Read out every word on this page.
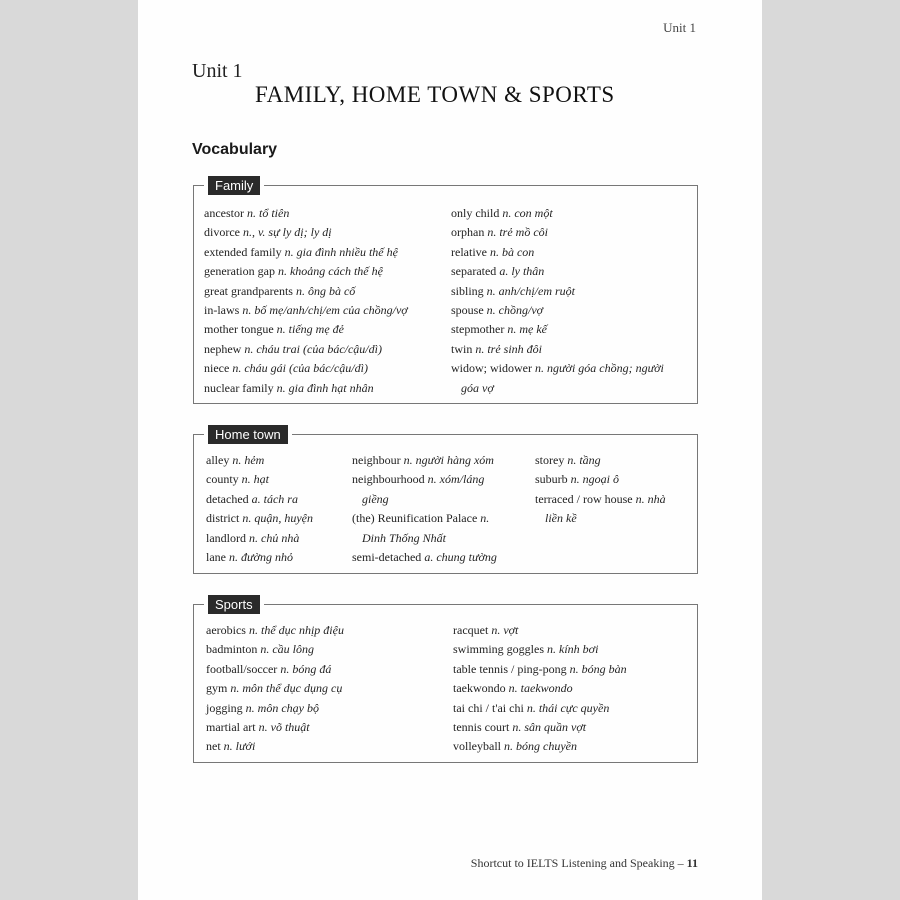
Unit 1
Unit 1
FAMILY, HOME TOWN & SPORTS
Vocabulary
Family
ancestor n. tổ tiên
divorce n., v. sự ly dị; ly dị
extended family n. gia đình nhiều thế hệ
generation gap n. khoảng cách thế hệ
great grandparents n. ông bà cố
in-laws n. bố mẹ/anh/chị/em của chồng/vợ
mother tongue n. tiếng mẹ đẻ
nephew n. cháu trai (của bác/cậu/dì)
niece n. cháu gái (của bác/cậu/dì)
nuclear family n. gia đình hạt nhân
only child n. con một
orphan n. trẻ mồ côi
relative n. bà con
separated a. ly thân
sibling n. anh/chị/em ruột
spouse n. chồng/vợ
stepmother n. mẹ kế
twin n. trẻ sinh đôi
widow; widower n. người góa chồng; người
góa vợ
Home town
alley n. hẻm
county n. hạt
detached a. tách ra
district n. quận, huyện
landlord n. chủ nhà
lane n. đường nhỏ
neighbour n. người hàng xóm
neighbourhood n. xóm/láng
giềng
(the) Reunification Palace n.
Dinh Thống Nhất
semi-detached a. chung tường
storey n. tầng
suburb n. ngoại ô
terraced / row house n. nhà
liền kề
Sports
aerobics n. thể dục nhịp điệu
badminton n. cầu lông
football/soccer n. bóng đá
gym n. môn thể dục dụng cụ
jogging n. môn chạy bộ
martial art n. võ thuật
net n. lưới
racquet n. vợt
swimming goggles n. kính bơi
table tennis / ping-pong n. bóng bàn
taekwondo n. taekwondo
tai chi / t'ai chi n. thái cực quyền
tennis court n. sân quần vợt
volleyball n. bóng chuyền
Shortcut to IELTS Listening and Speaking – 11
